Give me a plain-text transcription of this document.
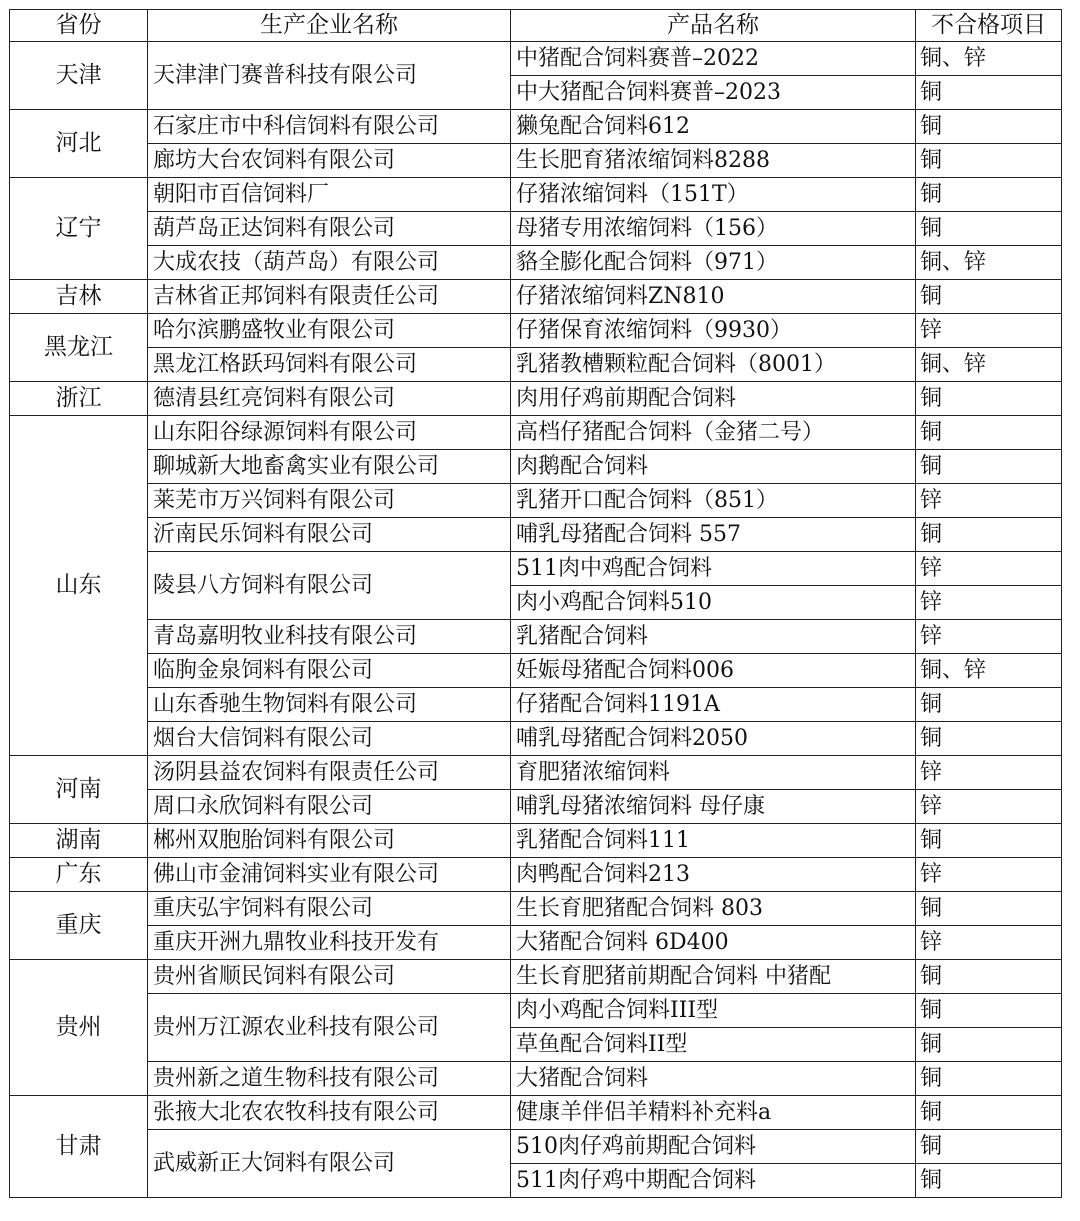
省份	生产企业名称	产品名称	不合格项目
天津	天津津门赛普科技有限公司	中猪配合饲料赛普–2022	铜、锌
		中大猪配合饲料赛普–2023	铜
河北	石家庄市中科信饲料有限公司	獭兔配合饲料612	铜
	廊坊大台农饲料有限公司	生长肥育猪浓缩饲料8288	铜
辽宁	朝阳市百信饲料厂	仔猪浓缩饲料（151T）	铜
	葫芦岛正达饲料有限公司	母猪专用浓缩饲料（156）	铜
	大成农技（葫芦岛）有限公司	貉全膨化配合饲料（971）	铜、锌
吉林	吉林省正邦饲料有限责任公司	仔猪浓缩饲料ZN810	铜
黑龙江	哈尔滨鹏盛牧业有限公司	仔猪保育浓缩饲料（9930）	锌
	黑龙江格跃玛饲料有限公司	乳猪教槽颗粒配合饲料（8001）	铜、锌
浙江	德清县红亮饲料有限公司	肉用仔鸡前期配合饲料	铜
山东	山东阳谷绿源饲料有限公司	高档仔猪配合饲料（金猪二号）	铜
	聊城新大地畜禽实业有限公司	肉鹅配合饲料	铜
	莱芜市万兴饲料有限公司	乳猪开口配合饲料（851）	锌
	沂南民乐饲料有限公司	哺乳母猪配合饲料 557	铜
	陵县八方饲料有限公司	511肉中鸡配合饲料	锌
		肉小鸡配合饲料510	锌
	青岛嘉明牧业科技有限公司	乳猪配合饲料	锌
	临朐金泉饲料有限公司	妊娠母猪配合饲料006	铜、锌
	山东香驰生物饲料有限公司	仔猪配合饲料1191A	铜
	烟台大信饲料有限公司	哺乳母猪配合饲料2050	铜
河南	汤阴县益农饲料有限责任公司	育肥猪浓缩饲料	锌
	周口永欣饲料有限公司	哺乳母猪浓缩饲料 母仔康	锌
湖南	郴州双胞胎饲料有限公司	乳猪配合饲料111	铜
广东	佛山市金浦饲料实业有限公司	肉鸭配合饲料213	锌
重庆	重庆弘宇饲料有限公司	生长育肥猪配合饲料 803	铜
	重庆开洲九鼎牧业科技开发有	大猪配合饲料 6D400	锌
贵州	贵州省顺民饲料有限公司	生长育肥猪前期配合饲料 中猪配	铜
	贵州万江源农业科技有限公司	肉小鸡配合饲料III型	铜
		草鱼配合饲料II型	铜
	贵州新之道生物科技有限公司	大猪配合饲料	铜
甘肃	张掖大北农农牧科技有限公司	健康羊伴侣羊精料补充料a	铜
	武威新正大饲料有限公司	510肉仔鸡前期配合饲料	铜
		511肉仔鸡中期配合饲料	铜
